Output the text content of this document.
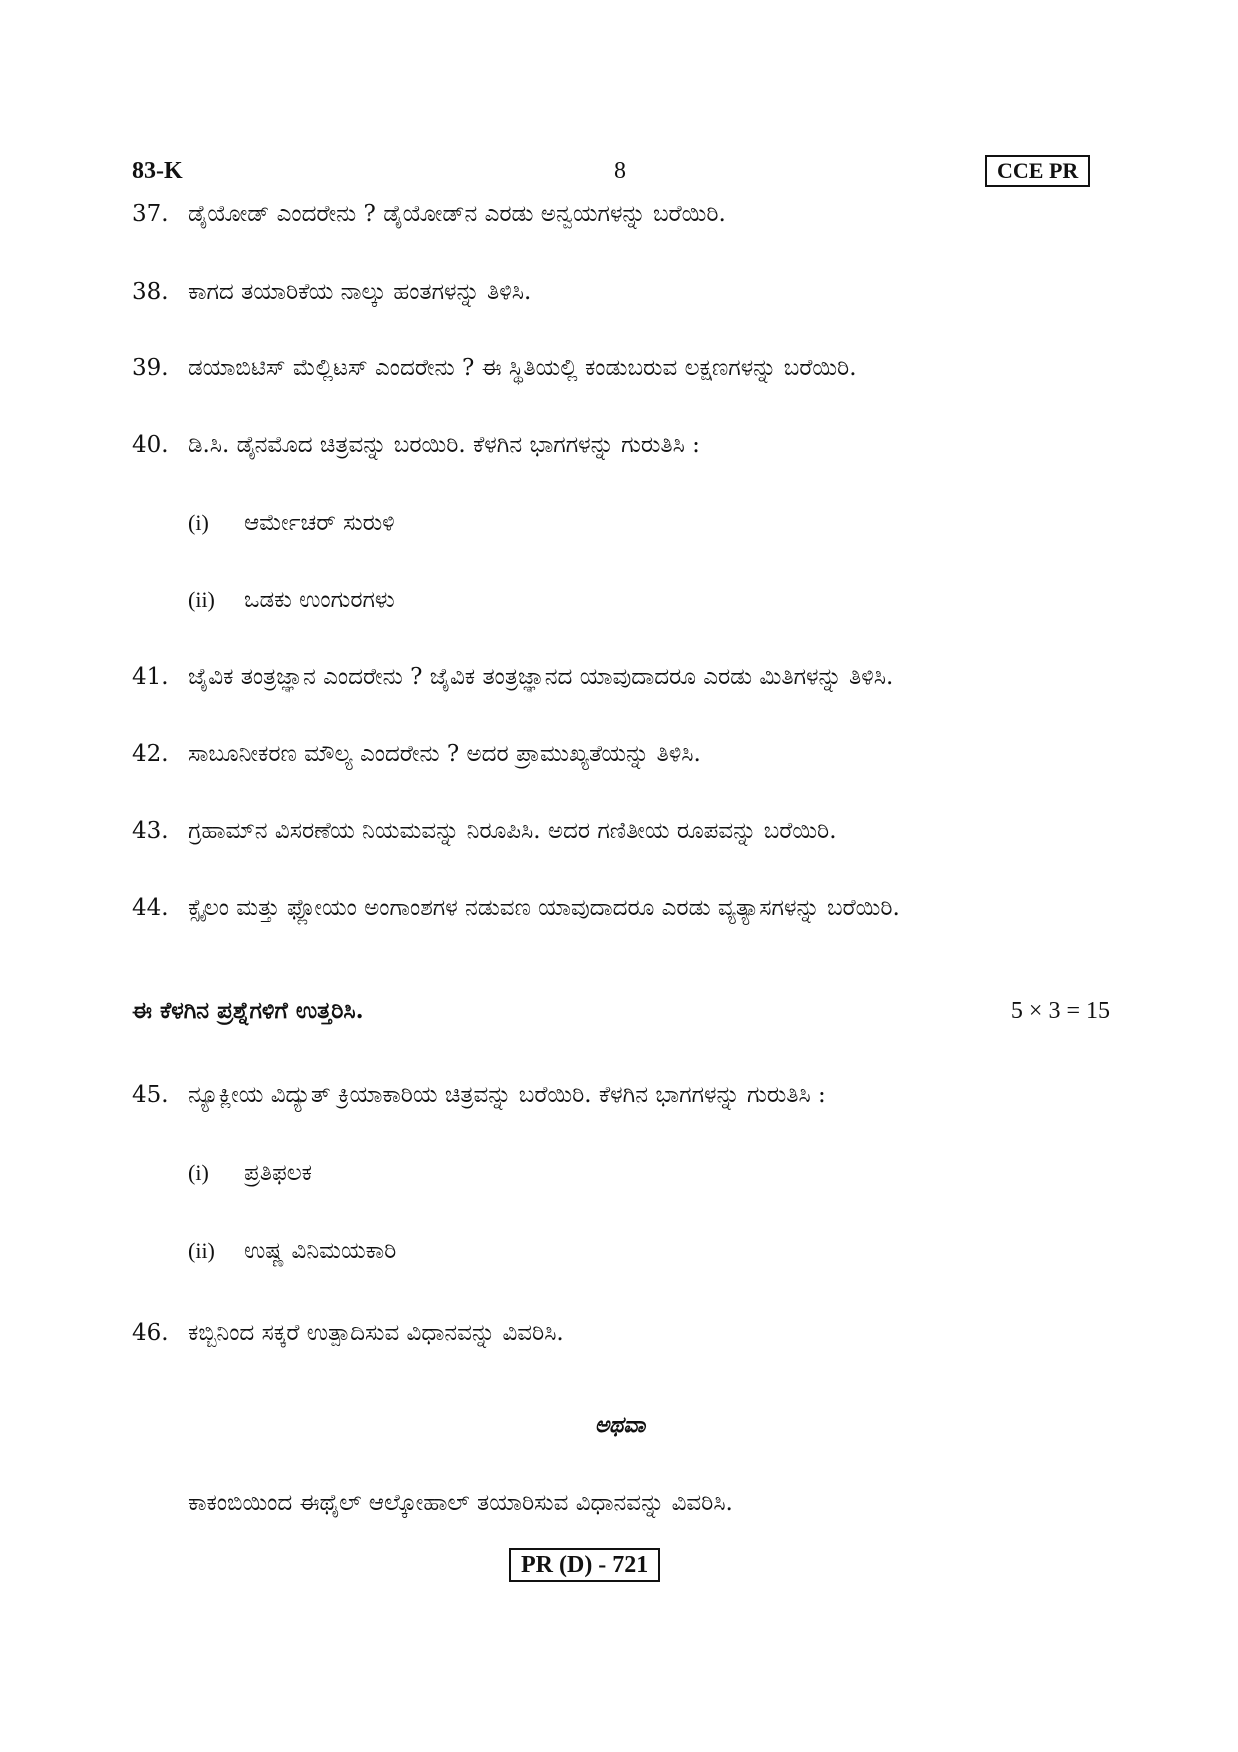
83-K	8	CCE PR
37. ಡೈಯೋಡ್ ಎಂದರೇನು ? ಡೈಯೋಡ್‌ನ ಎರಡು ಅನ್ವಯಗಳನ್ನು ಬರೆಯಿರಿ.
38. ಕಾಗದ ತಯಾರಿಕೆಯ ನಾಲ್ಕು ಹಂತಗಳನ್ನು ತಿಳಿಸಿ.
39. ಡಯಾಬಿಟಿಸ್ ಮೆಲ್ಲಿಟಸ್ ಎಂದರೇನು ? ಈ ಸ್ಥಿತಿಯಲ್ಲಿ ಕಂಡುಬರುವ ಲಕ್ಷಣಗಳನ್ನು ಬರೆಯಿರಿ.
40. ಡಿ.ಸಿ. ಡೈನಮೊದ ಚಿತ್ರವನ್ನು ಬರಯಿರಿ. ಕೆಳಗಿನ ಭಾಗಗಳನ್ನು ಗುರುತಿಸಿ :
(i) ಆರ್ಮೇಚರ್ ಸುರುಳಿ
(ii) ಒಡಕು ಉಂಗುರಗಳು
41. ಜೈವಿಕ ತಂತ್ರಜ್ಞಾನ ಎಂದರೇನು ? ಜೈವಿಕ ತಂತ್ರಜ್ಞಾನದ ಯಾವುದಾದರೂ ಎರಡು ಮಿತಿಗಳನ್ನು ತಿಳಿಸಿ.
42. ಸಾಬೂನೀಕರಣ ಮೌಲ್ಯ ಎಂದರೇನು ? ಅದರ ಪ್ರಾಮುಖ್ಯತೆಯನ್ನು ತಿಳಿಸಿ.
43. ಗ್ರಹಾಮ್‌ನ ವಿಸರಣೆಯ ನಿಯಮವನ್ನು ನಿರೂಪಿಸಿ. ಅದರ ಗಣಿತೀಯ ರೂಪವನ್ನು ಬರೆಯಿರಿ.
44. ಕ್ಸೈಲಂ ಮತ್ತು ಫ್ಲೋಯಂ ಅಂಗಾಂಶಗಳ ನಡುವಣ ಯಾವುದಾದರೂ ಎರಡು ವ್ಯತ್ಯಾಸಗಳನ್ನು ಬರೆಯಿರಿ.
ಈ ಕೆಳಗಿನ ಪ್ರಶ್ನೆಗಳಿಗೆ ಉತ್ತರಿಸಿ.	5 × 3 = 15
45. ನ್ಯೂಕ್ಲೀಯ ವಿದ್ಯುತ್ ಕ್ರಿಯಾಕಾರಿಯ ಚಿತ್ರವನ್ನು ಬರೆಯಿರಿ. ಕೆಳಗಿನ ಭಾಗಗಳನ್ನು ಗುರುತಿಸಿ :
(i) ಪ್ರತಿಫಲಕ
(ii) ಉಷ್ಣ ವಿನಿಮಯಕಾರಿ
46. ಕಬ್ಬಿನಿಂದ ಸಕ್ಕರೆ ಉತ್ಪಾದಿಸುವ ವಿಧಾನವನ್ನು ವಿವರಿಸಿ.
ಅಥವಾ
ಕಾಕಂಬಿಯಿಂದ ಈಥೈಲ್ ಆಲ್ಕೋಹಾಲ್ ತಯಾರಿಸುವ ವಿಧಾನವನ್ನು ವಿವರಿಸಿ.
PR (D) - 721
